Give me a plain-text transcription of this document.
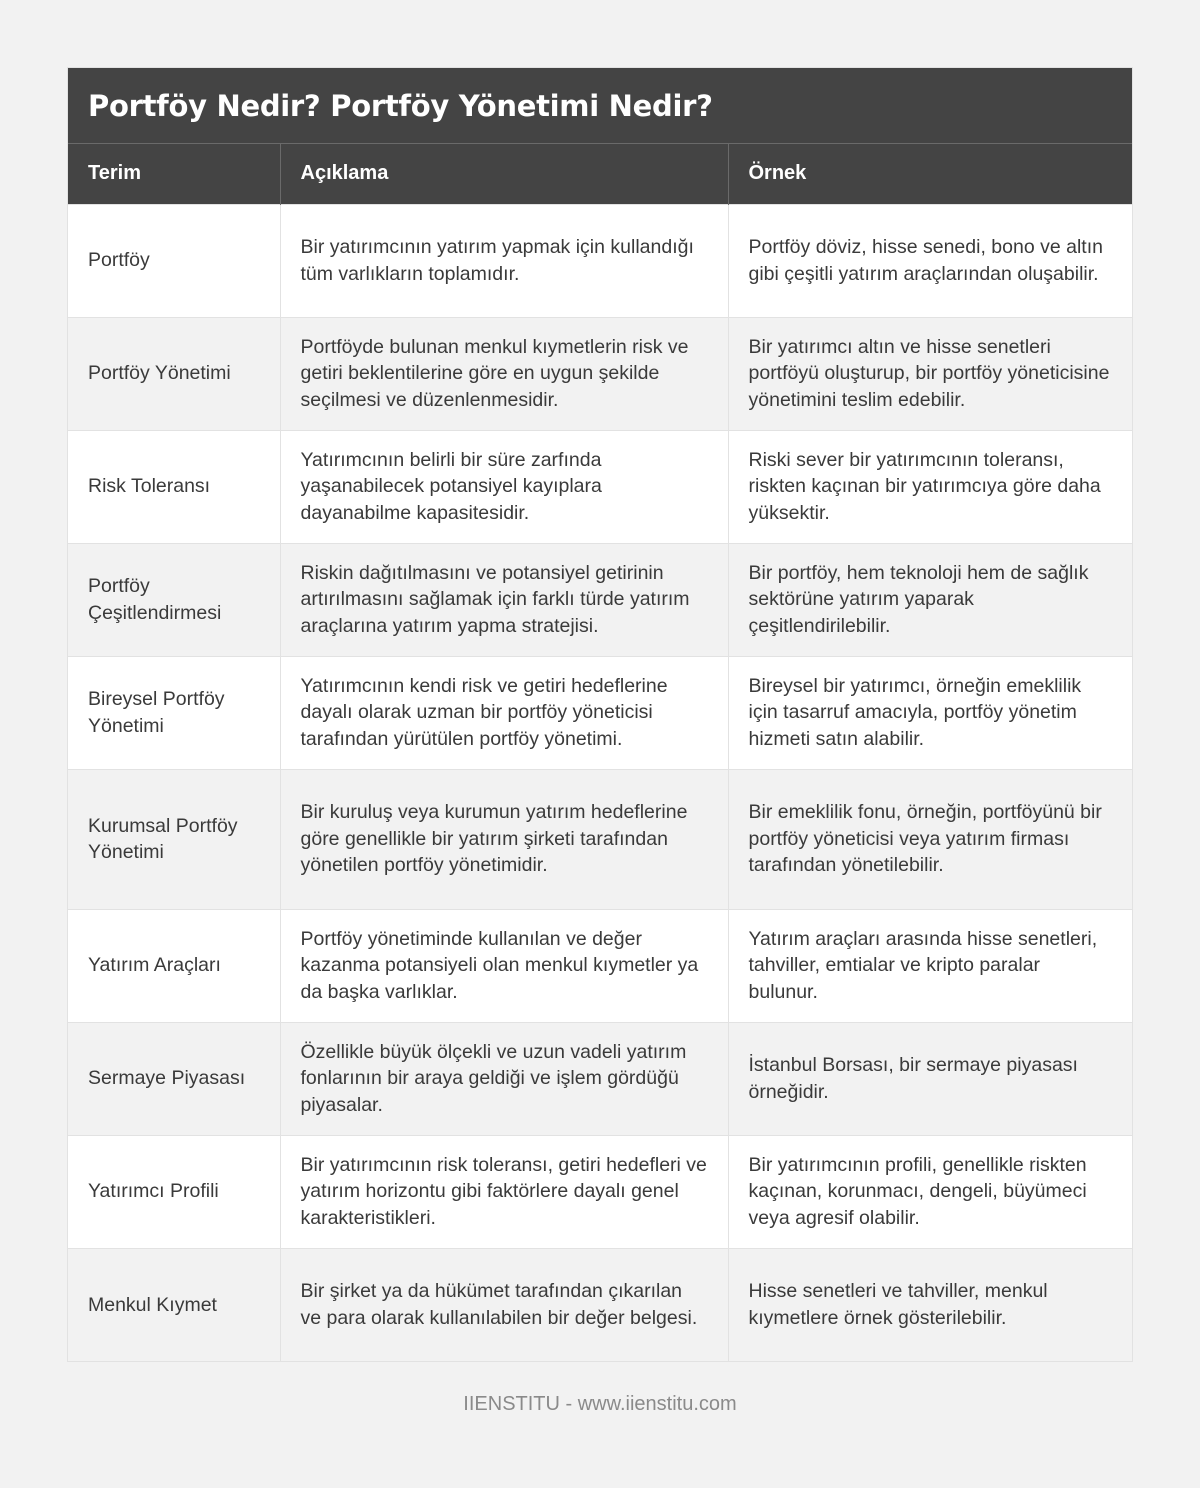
Portföy Nedir? Portföy Yönetimi Nedir?
Terim	Açıklama	Örnek
Portföy	Bir yatırımcının yatırım yapmak için kullandığı tüm varlıkların toplamıdır.	Portföy döviz, hisse senedi, bono ve altın gibi çeşitli yatırım araçlarından oluşabilir.
Portföy Yönetimi	Portföyde bulunan menkul kıymetlerin risk ve getiri beklentilerine göre en uygun şekilde seçilmesi ve düzenlenmesidir.	Bir yatırımcı altın ve hisse senetleri portföyü oluşturup, bir portföy yöneticisine yönetimini teslim edebilir.
Risk Toleransı	Yatırımcının belirli bir süre zarfında yaşanabilecek potansiyel kayıplara dayanabilme kapasitesidir.	Riski sever bir yatırımcının toleransı, riskten kaçınan bir yatırımcıya göre daha yüksektir.
Portföy Çeşitlendirmesi	Riskin dağıtılmasını ve potansiyel getirinin artırılmasını sağlamak için farklı türde yatırım araçlarına yatırım yapma stratejisi.	Bir portföy, hem teknoloji hem de sağlık sektörüne yatırım yaparak çeşitlendirilebilir.
Bireysel Portföy Yönetimi	Yatırımcının kendi risk ve getiri hedeflerine dayalı olarak uzman bir portföy yöneticisi tarafından yürütülen portföy yönetimi.	Bireysel bir yatırımcı, örneğin emeklilik için tasarruf amacıyla, portföy yönetim hizmeti satın alabilir.
Kurumsal Portföy Yönetimi	Bir kuruluş veya kurumun yatırım hedeflerine göre genellikle bir yatırım şirketi tarafından yönetilen portföy yönetimidir.	Bir emeklilik fonu, örneğin, portföyünü bir portföy yöneticisi veya yatırım firması tarafından yönetilebilir.
Yatırım Araçları	Portföy yönetiminde kullanılan ve değer kazanma potansiyeli olan menkul kıymetler ya da başka varlıklar.	Yatırım araçları arasında hisse senetleri, tahviller, emtialar ve kripto paralar bulunur.
Sermaye Piyasası	Özellikle büyük ölçekli ve uzun vadeli yatırım fonlarının bir araya geldiği ve işlem gördüğü piyasalar.	İstanbul Borsası, bir sermaye piyasası örneğidir.
Yatırımcı Profili	Bir yatırımcının risk toleransı, getiri hedefleri ve yatırım horizontu gibi faktörlere dayalı genel karakteristikleri.	Bir yatırımcının profili, genellikle riskten kaçınan, korunmacı, dengeli, büyümeci veya agresif olabilir.
Menkul Kıymet	Bir şirket ya da hükümet tarafından çıkarılan ve para olarak kullanılabilen bir değer belgesi.	Hisse senetleri ve tahviller, menkul kıymetlere örnek gösterilebilir.
IIENSTITU - www.iienstitu.com
